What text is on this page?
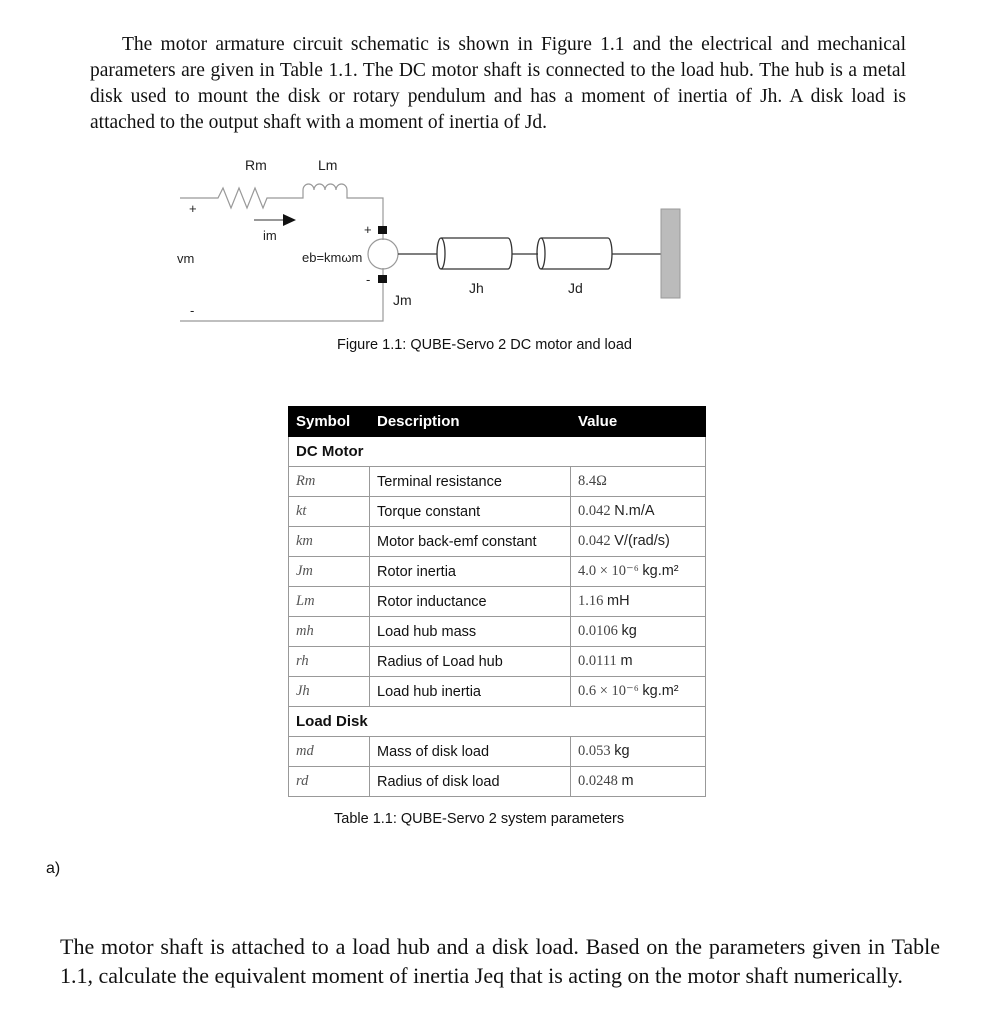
The motor armature circuit schematic is shown in Figure 1.1 and the electrical and mechanical parameters are given in Table 1.1. The DC motor shaft is connected to the load hub. The hub is a metal disk used to mount the disk or rotary pendulum and has a moment of inertia of Jh. A disk load is attached to the output shaft with a moment of inertia of Jd.
Rm	Lm
+
-
im
vm	eb=kmωm
+
-
Jm
Jh	Jd
Figure 1.1: QUBE-Servo 2 DC motor and load
Symbol	Description	Value
DC Motor		
Rm	Terminal resistance	8.4Ω
kt	Torque constant	0.042 N.m/A
km	Motor back-emf constant	0.042 V/(rad/s)
Jm	Rotor inertia	4.0 × 10⁻⁶ kg.m²
Lm	Rotor inductance	1.16 mH
mh	Load hub mass	0.0106 kg
rh	Radius of Load hub	0.0111 m
Jh	Load hub inertia	0.6 × 10⁻⁶ kg.m²
Load Disk		
md	Mass of disk load	0.053 kg
rd	Radius of disk load	0.0248 m
Table 1.1: QUBE-Servo 2 system parameters
a)
The motor shaft is attached to a load hub and a disk load. Based on the parameters given in Table 1.1, calculate the equivalent moment of inertia Jeq that is acting on the motor shaft numerically.
